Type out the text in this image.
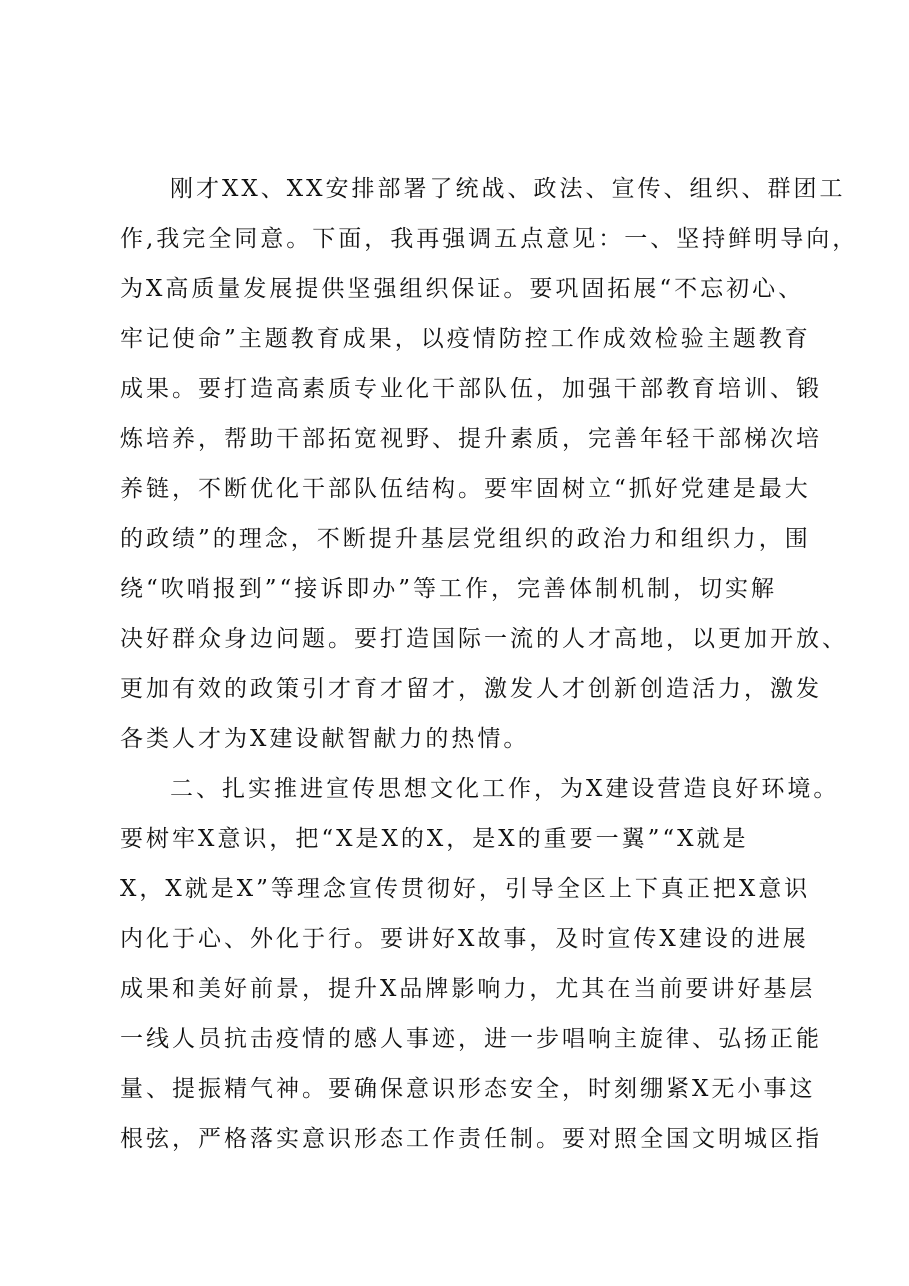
刚才XX、XX安排部署了统战、政法、宣传、组织、群团工
作,我完全同意。下面，我再强调五点意见：一、坚持鲜明导向，
为X高质量发展提供坚强组织保证。要巩固拓展“不忘初心、
牢记使命”主题教育成果，以疫情防控工作成效检验主题教育
成果。要打造高素质专业化干部队伍，加强干部教育培训、锻
炼培养，帮助干部拓宽视野、提升素质，完善年轻干部梯次培
养链，不断优化干部队伍结构。要牢固树立“抓好党建是最大
的政绩”的理念，不断提升基层党组织的政治力和组织力，围
绕“吹哨报到”“接诉即办”等工作，完善体制机制，切实解
决好群众身边问题。要打造国际一流的人才高地，以更加开放、
更加有效的政策引才育才留才，激发人才创新创造活力，激发
各类人才为X建设献智献力的热情。
二、扎实推进宣传思想文化工作，为X建设营造良好环境。
要树牢X意识，把“X是X的X，是X的重要一翼”“X就是
X，X就是X”等理念宣传贯彻好，引导全区上下真正把X意识
内化于心、外化于行。要讲好X故事，及时宣传X建设的进展
成果和美好前景，提升X品牌影响力，尤其在当前要讲好基层
一线人员抗击疫情的感人事迹，进一步唱响主旋律、弘扬正能
量、提振精气神。要确保意识形态安全，时刻绷紧X无小事这
根弦，严格落实意识形态工作责任制。要对照全国文明城区指
